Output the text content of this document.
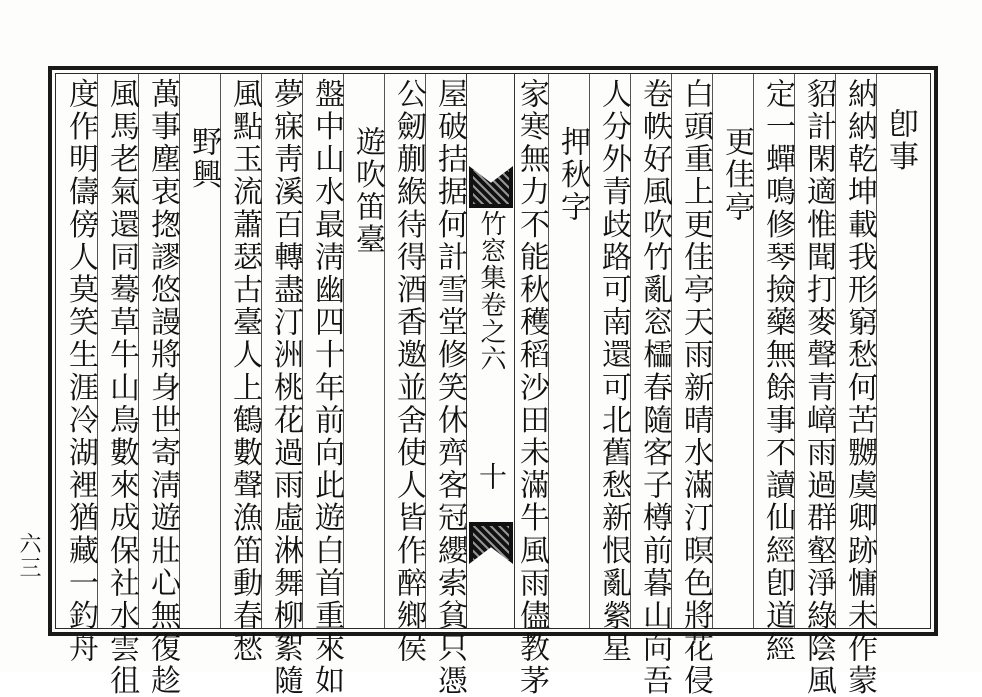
卽事
納納乾坤載我形窮愁何苦嬲虞卿跡慵未作蒙
貂計閑適惟聞打麥聲青嶂雨過群壑淨綠陰風
定一蟬鳴修琴撿藥無餘事不讀仙經卽道經
更佳亭
白頭重上更佳亭天雨新晴水滿汀暝色將花侵
卷帙好風吹竹亂窓櫺春隨客子樽前暮山向吾
人分外青歧路可南還可北舊愁新恨亂縈星
押秋字
家寒無力不能秋穫稻沙田未滿牛風雨儘教茅
竹窓集卷之六
十
屋破拮据何計雪堂修笑休齊客冠纓索貧只憑
公劒蒯緱待得酒香邀並舍使人皆作醉鄉侯
遊吹笛臺
盤中山水最淸幽四十年前向此遊白首重來如
夢寐靑溪百轉盡汀洲桃花過雨虛淋舞柳絮隨
風點玉流蕭瑟古臺人上鶴數聲漁笛動春愁
野興
萬事塵衷揔謬悠謾將身世寄淸遊壯心無復趁
風馬老氣還同蓦草牛山鳥數來成保社水雲徂
度作明儔傍人莫笑生涯冷湖裡猶藏一釣舟
六三
